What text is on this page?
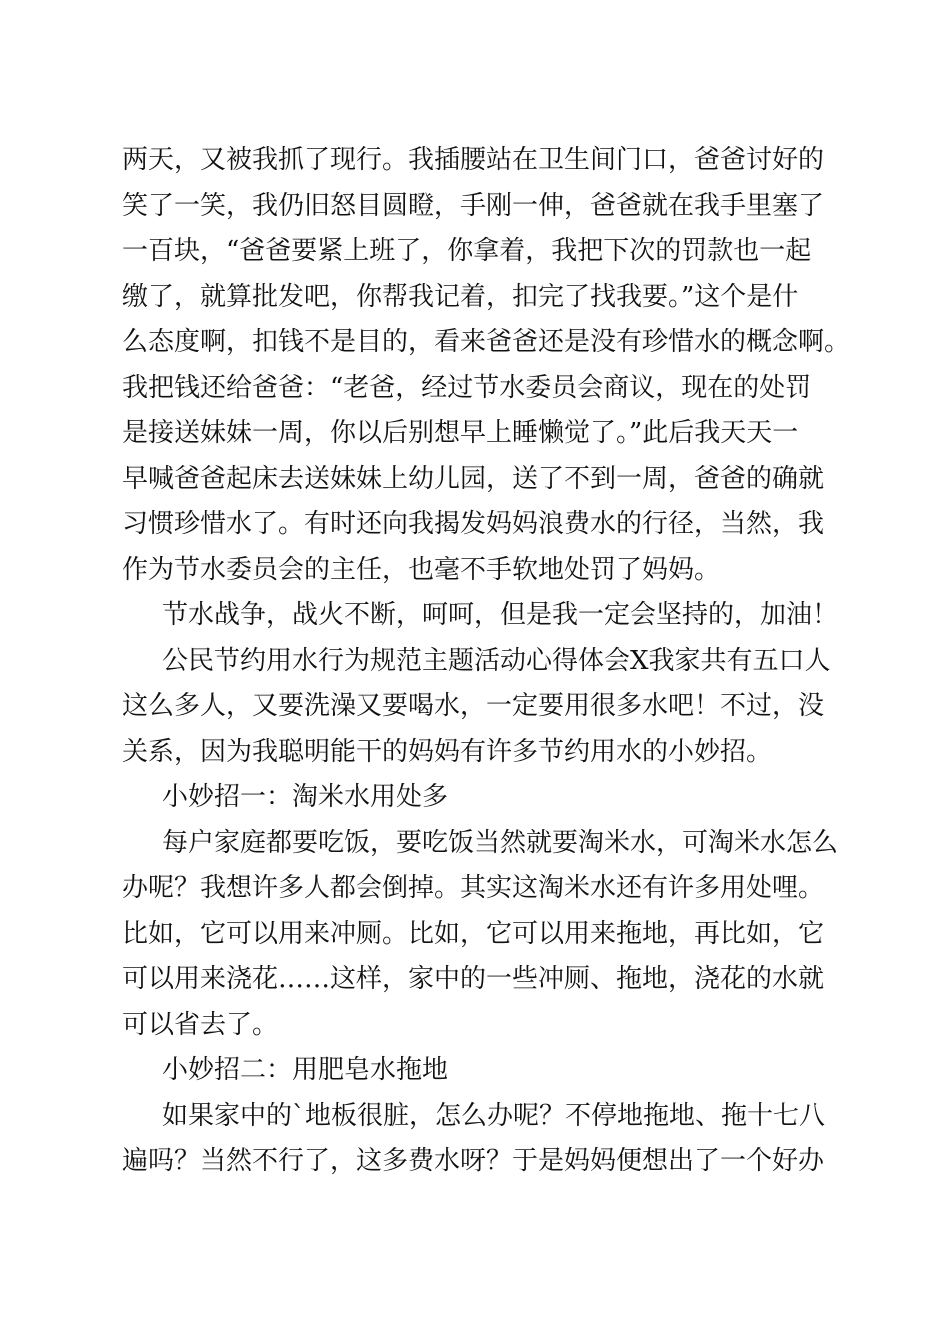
两天，又被我抓了现行。我插腰站在卫生间门口，爸爸讨好的
笑了一笑，我仍旧怒目圆瞪，手刚一伸，爸爸就在我手里塞了
一百块，“爸爸要紧上班了，你拿着，我把下次的罚款也一起
缴了，就算批发吧，你帮我记着，扣完了找我要。”这个是什
么态度啊，扣钱不是目的，看来爸爸还是没有珍惜水的概念啊。
我把钱还给爸爸：“老爸，经过节水委员会商议，现在的处罚
是接送妹妹一周，你以后别想早上睡懒觉了。”此后我天天一
早喊爸爸起床去送妹妹上幼儿园，送了不到一周，爸爸的确就
习惯珍惜水了。有时还向我揭发妈妈浪费水的行径，当然，我
作为节水委员会的主任，也毫不手软地处罚了妈妈。
节水战争，战火不断，呵呵，但是我一定会坚持的，加油！
公民节约用水行为规范主题活动心得体会X我家共有五口人
这么多人，又要洗澡又要喝水，一定要用很多水吧！不过，没
关系，因为我聪明能干的妈妈有许多节约用水的小妙招。
小妙招一：淘米水用处多
每户家庭都要吃饭，要吃饭当然就要淘米水，可淘米水怎么
办呢？我想许多人都会倒掉。其实这淘米水还有许多用处哩。
比如，它可以用来冲厕。比如，它可以用来拖地，再比如，它
可以用来浇花……这样，家中的一些冲厕、拖地，浇花的水就
可以省去了。
小妙招二：用肥皂水拖地
如果家中的`地板很脏，怎么办呢？不停地拖地、拖十七八
遍吗？当然不行了，这多费水呀？于是妈妈便想出了一个好办
